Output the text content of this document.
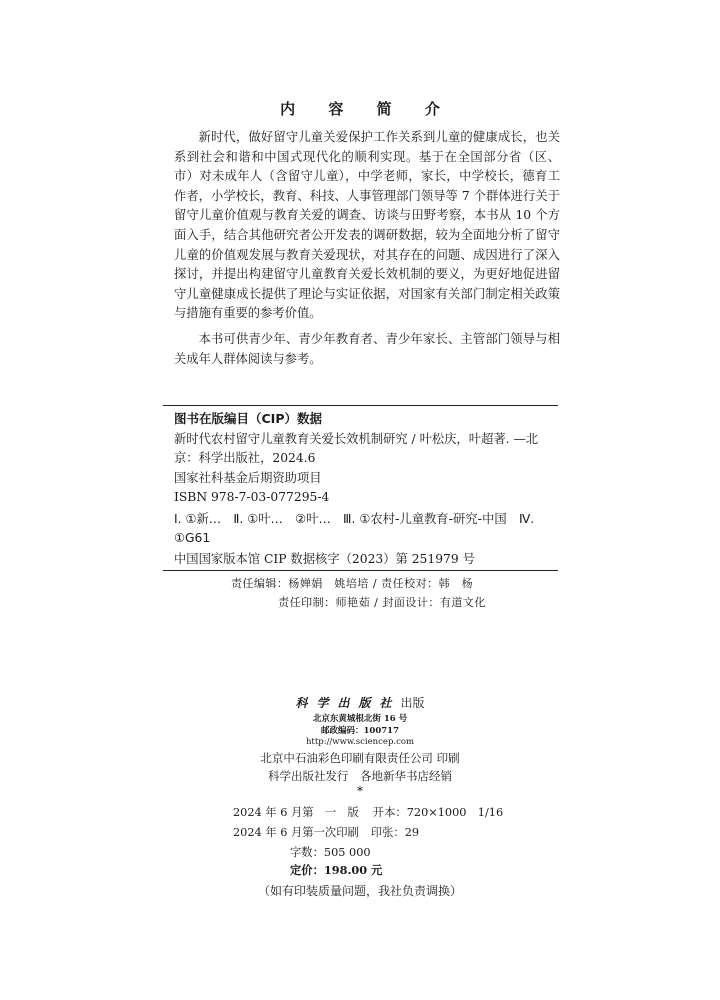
内 容 简 介

新时代，做好留守儿童关爱保护工作关系到儿童的健康成长，也关系到社会和谐和中国式现代化的顺利实现。基于在全国部分省（区、市）对未成年人（含留守儿童），中学老师，家长，中学校长，德育工作者，小学校长，教育、科技、人事管理部门领导等 7 个群体进行关于留守儿童价值观与教育关爱的调查、访谈与田野考察，本书从 10 个方面入手，结合其他研究者公开发表的调研数据，较为全面地分析了留守儿童的价值观发展与教育关爱现状，对其存在的问题、成因进行了深入探讨，并提出构建留守儿童教育关爱长效机制的要义，为更好地促进留守儿童健康成长提供了理论与实证依据，对国家有关部门制定相关政策与措施有重要的参考价值。

本书可供青少年、青少年教育者、青少年家长、主管部门领导与相关成年人群体阅读与参考。

图书在版编目（CIP）数据
新时代农村留守儿童教育关爱长效机制研究 / 叶松庆，叶超著. —北京：科学出版社，2024.6
国家社科基金后期资助项目
ISBN 978-7-03-077295-4
Ⅰ. ①新…　Ⅱ. ①叶…　②叶…　Ⅲ. ①农村-儿童教育-研究-中国　Ⅳ. ①G61
中国国家版本馆 CIP 数据核字（2023）第 251979 号
责任编辑：杨婵娟　姚培培 / 责任校对：韩　杨
责任印制：师艳茹 / 封面设计：有道文化
科学出版社出版
北京东黄城根北街 16 号
邮政编码：100717
http://www.sciencep.com
北京中石油彩色印刷有限责任公司 印刷
科学出版社发行　各地新华书店经销
*
2024 年 6 月第　一　版 开本：720×1000　1/16
2024 年 6 月第一次印刷 印张：29
字数：505 000
定价：198.00 元
（如有印装质量问题，我社负责调换）
